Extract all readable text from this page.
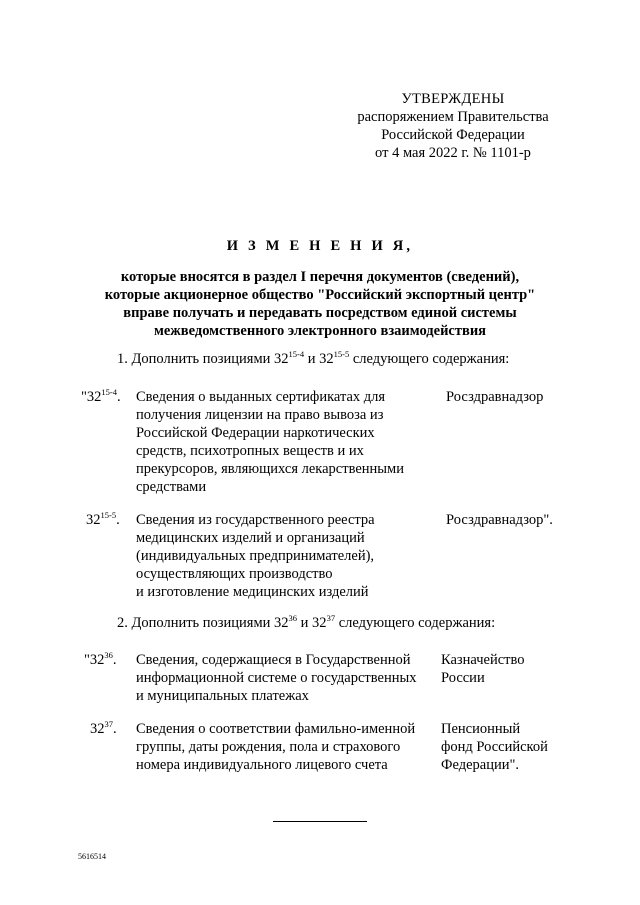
УТВЕРЖДЕНЫ
распоряжением Правительства
Российской Федерации
от 4 мая 2022 г. № 1101-р
И З М Е Н Е Н И Я,
которые вносятся в раздел I перечня документов (сведений),
которые акционерное общество "Российский экспортный центр"
вправе получать и передавать посредством единой системы
межведомственного электронного взаимодействия
1. Дополнить позициями 32$^{15-4}$ и 32$^{15-5}$ следующего содержания:
"32$^{15-4}$. Сведения о выданных сертификатах для
получения лицензии на право вывоза из
Российской Федерации наркотических
средств, психотропных веществ и их
прекурсоров, являющихся лекарственными
средствами
Росздравнадзор
32$^{15-5}$. Сведения из государственного реестра
медицинских изделий и организаций
(индивидуальных предпринимателей),
осуществляющих производство
и изготовление медицинских изделий
Росздравнадзор".
2. Дополнить позициями $32^{36}$ и $32^{37}$ следующего содержания:
"$32^{36}$. Сведения, содержащиеся в Государственной
информационной системе о государственных
и муниципальных платежах
Казначейство
России
$32^{37}$. Сведения о соответствии фамильно-именной
группы, даты рождения, пола и страхового
номера индивидуального лицевого счета
Пенсионный
фонд Российской
Федерации".
5616514
